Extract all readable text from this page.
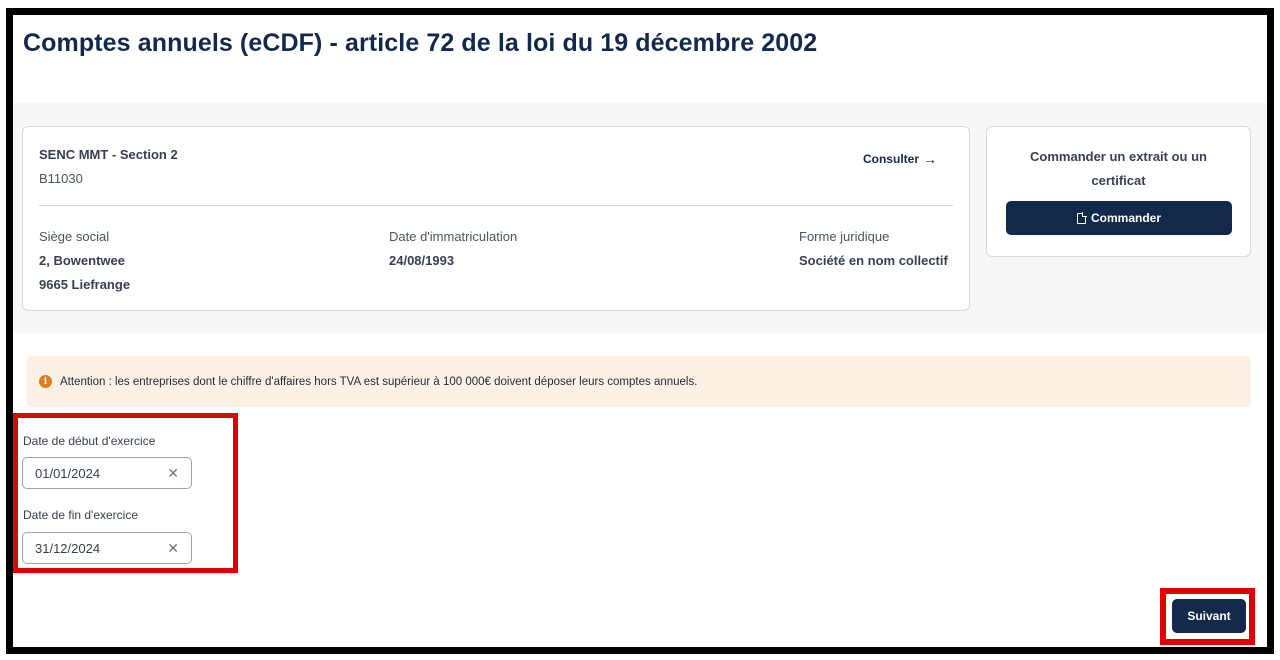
Comptes annuels (eCDF) - article 72 de la loi du 19 décembre 2002
SENC MMT - Section 2
B11030
Consulter →
Siège social
2, Bowentwee
9665 Liefrange
Date d'immatriculation
24/08/1993
Forme juridique
Société en nom collectif
Commander un extrait ou un certificat
Commander
i	Attention : les entreprises dont le chiffre d'affaires hors TVA est supérieur à 100 000€ doivent déposer leurs comptes annuels.
Date de début d'exercice
01/01/2024	✕
Date de fin d'exercice
31/12/2024	✕
Suivant
